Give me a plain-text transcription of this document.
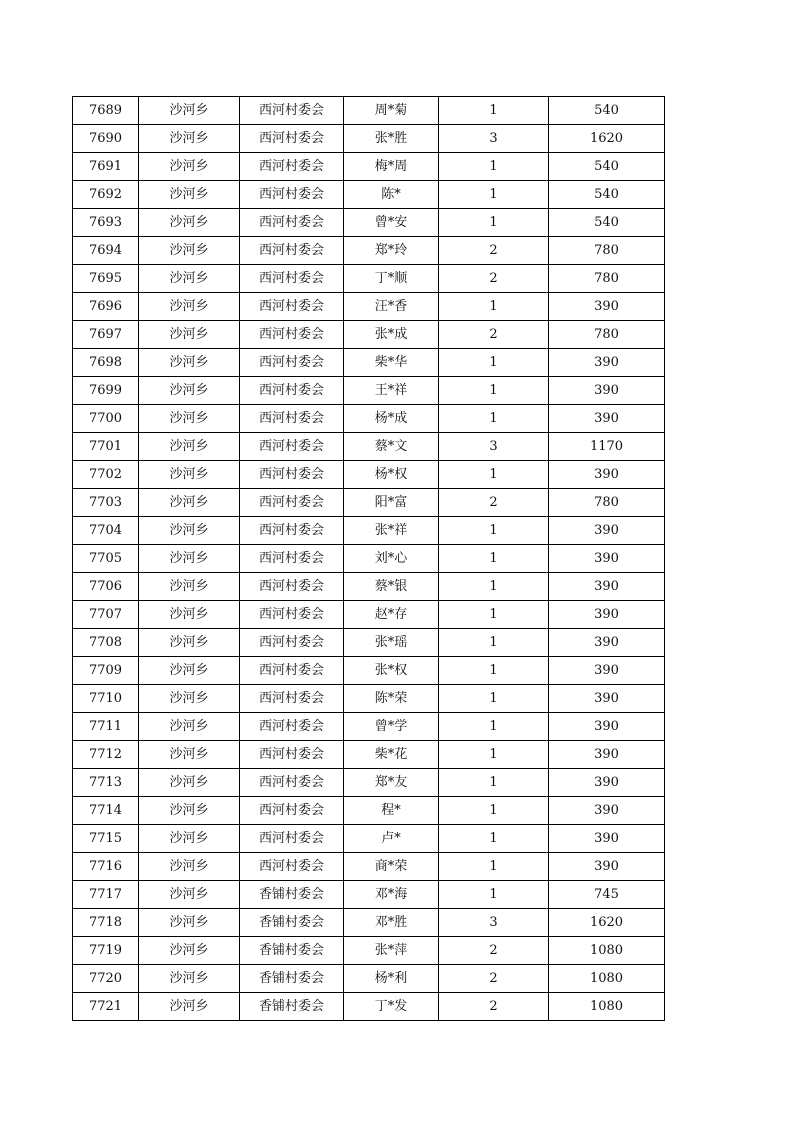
7689	沙河乡	西河村委会	周*菊	1	540
7690	沙河乡	西河村委会	张*胜	3	1620
7691	沙河乡	西河村委会	梅*周	1	540
7692	沙河乡	西河村委会	陈*	1	540
7693	沙河乡	西河村委会	曾*安	1	540
7694	沙河乡	西河村委会	郑*玲	2	780
7695	沙河乡	西河村委会	丁*顺	2	780
7696	沙河乡	西河村委会	汪*香	1	390
7697	沙河乡	西河村委会	张*成	2	780
7698	沙河乡	西河村委会	柴*华	1	390
7699	沙河乡	西河村委会	王*祥	1	390
7700	沙河乡	西河村委会	杨*成	1	390
7701	沙河乡	西河村委会	蔡*文	3	1170
7702	沙河乡	西河村委会	杨*权	1	390
7703	沙河乡	西河村委会	阳*富	2	780
7704	沙河乡	西河村委会	张*祥	1	390
7705	沙河乡	西河村委会	刘*心	1	390
7706	沙河乡	西河村委会	蔡*银	1	390
7707	沙河乡	西河村委会	赵*存	1	390
7708	沙河乡	西河村委会	张*瑶	1	390
7709	沙河乡	西河村委会	张*权	1	390
7710	沙河乡	西河村委会	陈*荣	1	390
7711	沙河乡	西河村委会	曾*学	1	390
7712	沙河乡	西河村委会	柴*花	1	390
7713	沙河乡	西河村委会	郑*友	1	390
7714	沙河乡	西河村委会	程*	1	390
7715	沙河乡	西河村委会	卢*	1	390
7716	沙河乡	西河村委会	商*荣	1	390
7717	沙河乡	香铺村委会	邓*海	1	745
7718	沙河乡	香铺村委会	邓*胜	3	1620
7719	沙河乡	香铺村委会	张*萍	2	1080
7720	沙河乡	香铺村委会	杨*利	2	1080
7721	沙河乡	香铺村委会	丁*发	2	1080
